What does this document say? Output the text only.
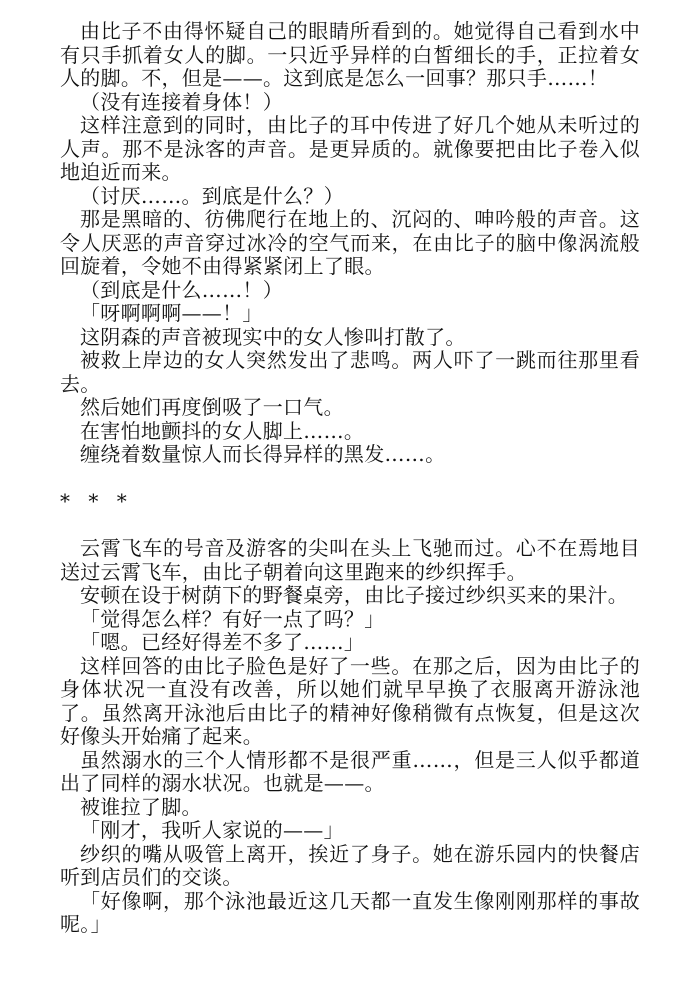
由比子不由得怀疑自己的眼睛所看到的。她觉得自己看到水中有只手抓着女人的脚。一只近乎异样的白皙细长的手，正拉着女人的脚。不，但是——。这到底是怎么一回事？那只手……！

（没有连接着身体！）

这样注意到的同时，由比子的耳中传进了好几个她从未听过的人声。那不是泳客的声音。是更异质的。就像要把由比子卷入似地迫近而来。

（讨厌……。到底是什么？）

那是黑暗的、彷佛爬行在地上的、沉闷的、呻吟般的声音。这令人厌恶的声音穿过冰冷的空气而来，在由比子的脑中像涡流般回旋着，令她不由得紧紧闭上了眼。

（到底是什么……！）

「呀啊啊啊——！」

这阴森的声音被现实中的女人惨叫打散了。

被救上岸边的女人突然发出了悲鸣。两人吓了一跳而往那里看去。

然后她们再度倒吸了一口气。

在害怕地颤抖的女人脚上……。

缠绕着数量惊人而长得异样的黑发……。

* * *

云霄飞车的号音及游客的尖叫在头上飞驰而过。心不在焉地目送过云霄飞车，由比子朝着向这里跑来的纱织挥手。

安顿在设于树荫下的野餐桌旁，由比子接过纱织买来的果汁。

「觉得怎么样？有好一点了吗？」

「嗯。已经好得差不多了……」

这样回答的由比子脸色是好了一些。在那之后，因为由比子的身体状况一直没有改善，所以她们就早早换了衣服离开游泳池了。虽然离开泳池后由比子的精神好像稍微有点恢复，但是这次好像头开始痛了起来。

虽然溺水的三个人情形都不是很严重……，但是三人似乎都道出了同样的溺水状况。也就是——。

被谁拉了脚。

「刚才，我听人家说的——」

纱织的嘴从吸管上离开，挨近了身子。她在游乐园内的快餐店听到店员们的交谈。

「好像啊，那个泳池最近这几天都一直发生像刚刚那样的事故呢。」
